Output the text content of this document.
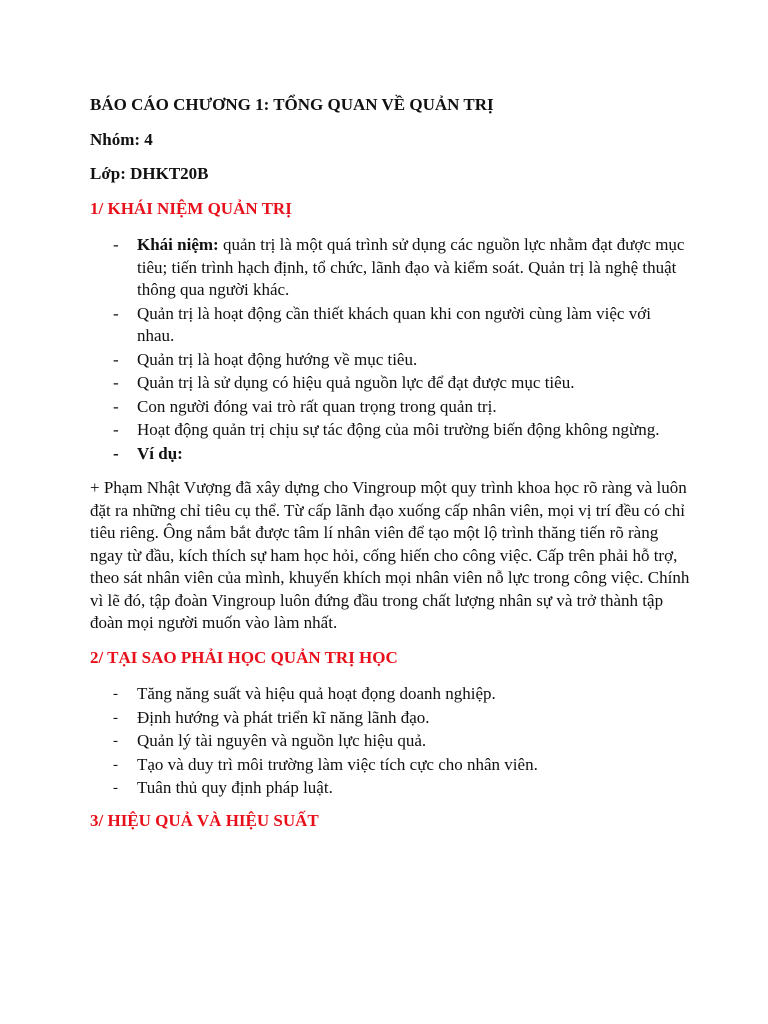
BÁO CÁO CHƯƠNG 1: TỔNG QUAN VỀ QUẢN TRỊ

Nhóm: 4

Lớp: DHKT20B

1/ KHÁI NIỆM QUẢN TRỊ

- Khái niệm: quản trị là một quá trình sử dụng các nguồn lực nhằm đạt được mục tiêu; tiến trình hạch định, tổ chức, lãnh đạo và kiểm soát. Quản trị là nghệ thuật thông qua người khác.
- Quản trị là hoạt động cần thiết khách quan khi con người cùng làm việc với nhau.
- Quản trị là hoạt động hướng về mục tiêu.
- Quản trị là sử dụng có hiệu quả nguồn lực để đạt được mục tiêu.
- Con người đóng vai trò rất quan trọng trong quản trị.
- Hoạt động quản trị chịu sự tác động của môi trường biến động không ngừng.
- Ví dụ:

+ Phạm Nhật Vượng đã xây dựng cho Vingroup một quy trình khoa học rõ ràng và luôn đặt ra những chỉ tiêu cụ thể. Từ cấp lãnh đạo xuống cấp nhân viên, mọi vị trí đều có chỉ tiêu riêng. Ông nắm bắt được tâm lí nhân viên để tạo một lộ trình thăng tiến rõ ràng ngay từ đầu, kích thích sự ham học hỏi, cống hiến cho công việc. Cấp trên phải hỗ trợ, theo sát nhân viên của mình, khuyến khích mọi nhân viên nỗ lực trong công việc. Chính vì lẽ đó, tập đoàn Vingroup luôn đứng đầu trong chất lượng nhân sự và trở thành tập đoàn mọi người muốn vào làm nhất.

2/ TẠI SAO PHẢI HỌC QUẢN TRỊ HỌC

- Tăng năng suất và hiệu quả hoạt đọng doanh nghiệp.
- Định hướng và phát triển kĩ năng lãnh đạo.
- Quản lý tài nguyên và nguồn lực hiệu quả.
- Tạo và duy trì môi trường làm việc tích cực cho nhân viên.
- Tuân thủ quy định pháp luật.

3/ HIỆU QUẢ VÀ HIỆU SUẤT
